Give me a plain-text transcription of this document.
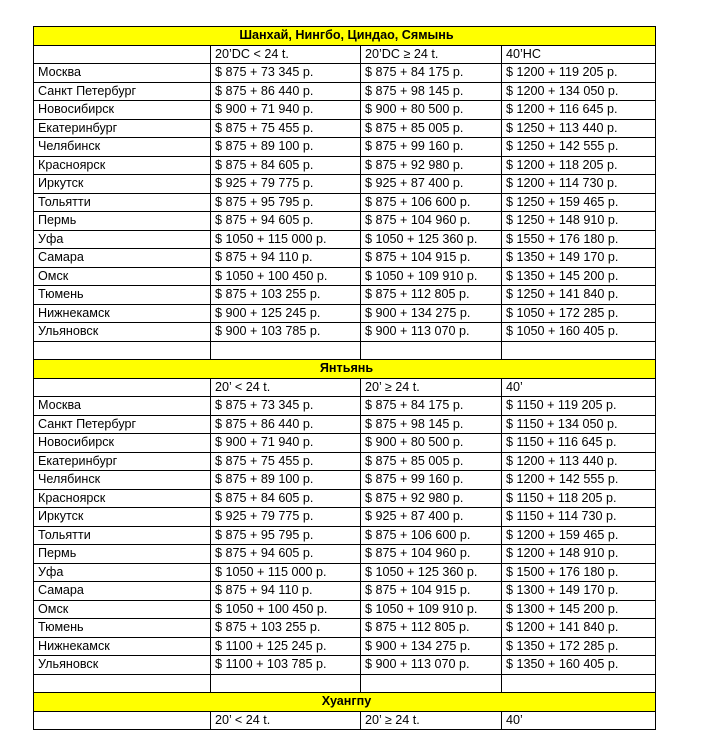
Шанхай, Нингбо, Циндао, Сямынь			
	20’DC < 24 t.	20’DC ≥ 24 t.	40’HC
Москва	$ 875 + 73 345 р.	$ 875 + 84 175 р.	$ 1200 + 119 205 р.
Санкт Петербург	$ 875 + 86 440 р.	$ 875 + 98 145 р.	$ 1200 + 134 050 р.
Новосибирск	$ 900 + 71 940 р.	$ 900 + 80 500 р.	$ 1200 + 116 645 р.
Екатеринбург	$ 875 + 75 455 р.	$ 875 + 85 005 р.	$ 1250 + 113 440 р.
Челябинск	$ 875 + 89 100 р.	$ 875 + 99 160 р.	$ 1250 + 142 555 р.
Красноярск	$ 875 + 84 605 р.	$ 875 + 92 980 р.	$ 1200 + 118 205 р.
Иркутск	$ 925 + 79 775 р.	$ 925 + 87 400 р.	$ 1200 + 114 730 р.
Тольятти	$ 875 + 95 795 р.	$ 875 + 106 600 р.	$ 1250 + 159 465 р.
Пермь	$ 875 + 94 605 р.	$ 875 + 104 960 р.	$ 1250 + 148 910 р.
Уфа	$ 1050 + 115 000 р.	$ 1050 + 125 360 р.	$ 1550 + 176 180 р.
Самара	$ 875 + 94 110 р.	$ 875 + 104 915 р.	$ 1350 + 149 170 р.
Омск	$ 1050 + 100 450 р.	$ 1050 + 109 910 р.	$ 1350 + 145 200 р.
Тюмень	$ 875 + 103 255 р.	$ 875 + 112 805 р.	$ 1250 + 141 840 р.
Нижнекамск	$ 900 + 125 245 р.	$ 900 + 134 275 р.	$ 1050 + 172 285 р.
Ульяновск	$ 900 + 103 785 р.	$ 900 + 113 070 р.	$ 1050 + 160 405 р.

Янтьянь			
	20’ < 24 t.	20’ ≥ 24 t.	40’
Москва	$ 875 + 73 345 р.	$ 875 + 84 175 р.	$ 1150 + 119 205 р.
Санкт Петербург	$ 875 + 86 440 р.	$ 875 + 98 145 р.	$ 1150 + 134 050 р.
Новосибирск	$ 900 + 71 940 р.	$ 900 + 80 500 р.	$ 1150 + 116 645 р.
Екатеринбург	$ 875 + 75 455 р.	$ 875 + 85 005 р.	$ 1200 + 113 440 р.
Челябинск	$ 875 + 89 100 р.	$ 875 + 99 160 р.	$ 1200 + 142 555 р.
Красноярск	$ 875 + 84 605 р.	$ 875 + 92 980 р.	$ 1150 + 118 205 р.
Иркутск	$ 925 + 79 775 р.	$ 925 + 87 400 р.	$ 1150 + 114 730 р.
Тольятти	$ 875 + 95 795 р.	$ 875 + 106 600 р.	$ 1200 + 159 465 р.
Пермь	$ 875 + 94 605 р.	$ 875 + 104 960 р.	$ 1200 + 148 910 р.
Уфа	$ 1050 + 115 000 р.	$ 1050 + 125 360 р.	$ 1500 + 176 180 р.
Самара	$ 875 + 94 110 р.	$ 875 + 104 915 р.	$ 1300 + 149 170 р.
Омск	$ 1050 + 100 450 р.	$ 1050 + 109 910 р.	$ 1300 + 145 200 р.
Тюмень	$ 875 + 103 255 р.	$ 875 + 112 805 р.	$ 1200 + 141 840 р.
Нижнекамск	$ 1100 + 125 245 р.	$ 900 + 134 275 р.	$ 1350 + 172 285 р.
Ульяновск	$ 1100 + 103 785 р.	$ 900 + 113 070 р.	$ 1350 + 160 405 р.

Хуангпу			
	20’ < 24 t.	20’ ≥ 24 t.	40’
